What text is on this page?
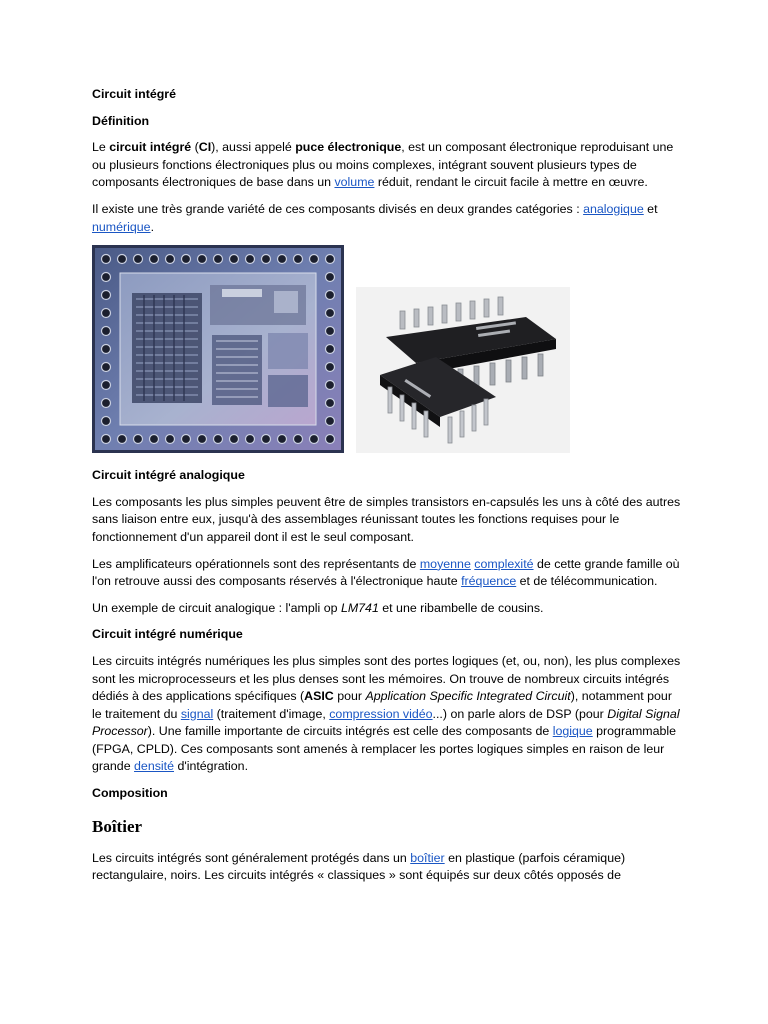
Circuit intégré

Définition

Le circuit intégré (CI), aussi appelé puce électronique, est un composant électronique reproduisant une ou plusieurs fonctions électroniques plus ou moins complexes, intégrant souvent plusieurs types de composants électroniques de base dans un volume réduit, rendant le circuit facile à mettre en œuvre.

Il existe une très grande variété de ces composants divisés en deux grandes catégories : analogique et numérique.

Circuit intégré analogique

Les composants les plus simples peuvent être de simples transistors en-capsulés les uns à côté des autres sans liaison entre eux, jusqu'à des assemblages réunissant toutes les fonctions requises pour le fonctionnement d'un appareil dont il est le seul composant.

Les amplificateurs opérationnels sont des représentants de moyenne complexité de cette grande famille où l'on retrouve aussi des composants réservés à l'électronique haute fréquence et de télécommunication.

Un exemple de circuit analogique : l'ampli op LM741 et une ribambelle de cousins.

Circuit intégré numérique

Les circuits intégrés numériques les plus simples sont des portes logiques (et, ou, non), les plus complexes sont les microprocesseurs et les plus denses sont les mémoires. On trouve de nombreux circuits intégrés dédiés à des applications spécifiques (ASIC pour Application Specific Integrated Circuit), notamment pour le traitement du signal (traitement d'image, compression vidéo...) on parle alors de DSP (pour Digital Signal Processor). Une famille importante de circuits intégrés est celle des composants de logique programmable (FPGA, CPLD). Ces composants sont amenés à remplacer les portes logiques simples en raison de leur grande densité d'intégration.

Composition

Boîtier

Les circuits intégrés sont généralement protégés dans un boîtier en plastique (parfois céramique) rectangulaire, noirs. Les circuits intégrés « classiques » sont équipés sur deux côtés opposés de
